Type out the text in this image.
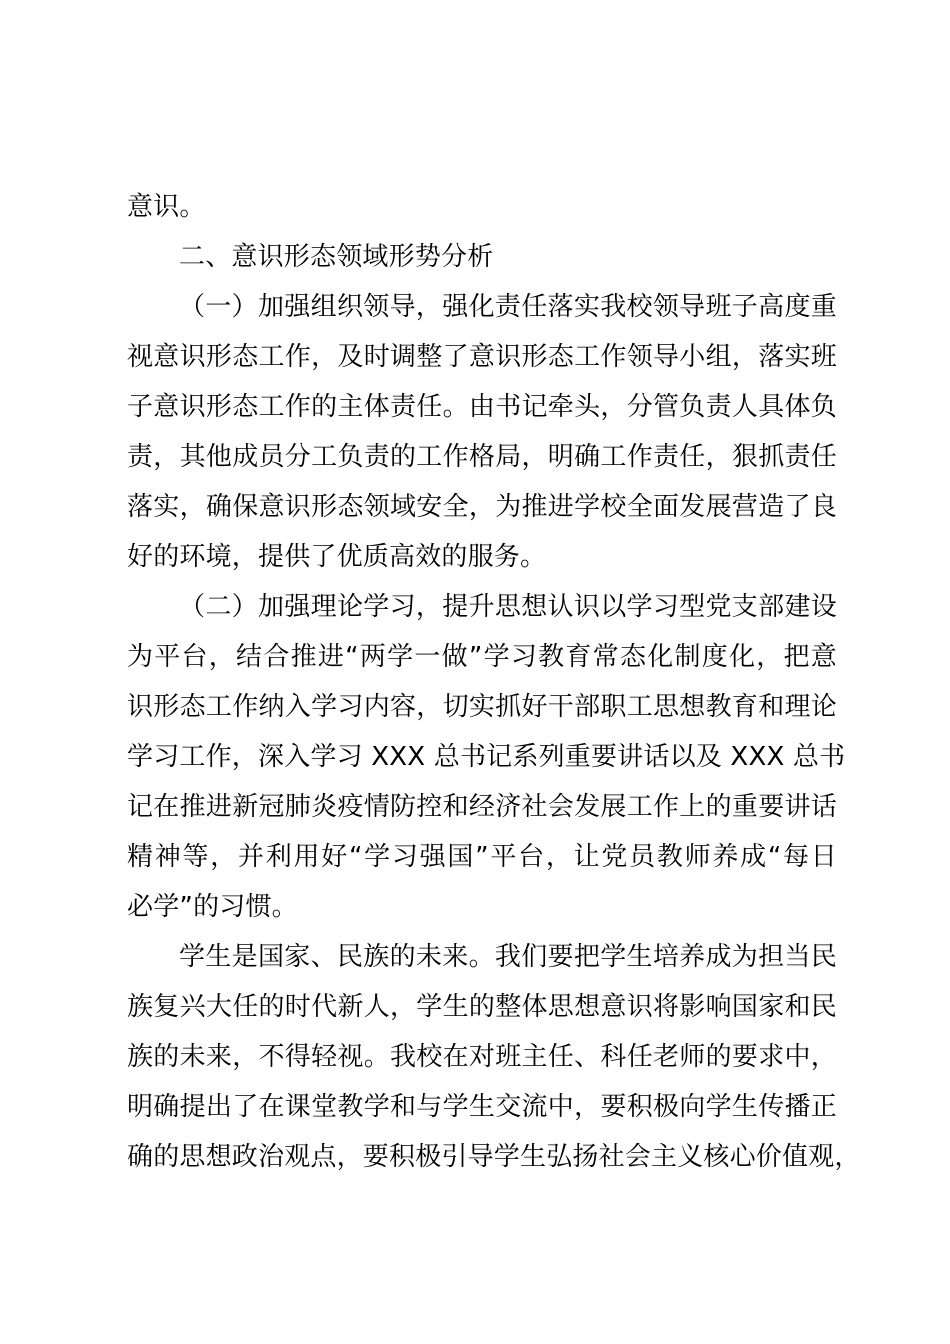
意识。
二、意识形态领域形势分析
（一）加强组织领导，强化责任落实我校领导班子高度重
视意识形态工作，及时调整了意识形态工作领导小组，落实班
子意识形态工作的主体责任。由书记牵头，分管负责人具体负
责，其他成员分工负责的工作格局，明确工作责任，狠抓责任
落实，确保意识形态领域安全，为推进学校全面发展营造了良
好的环境，提供了优质高效的服务。
（二）加强理论学习，提升思想认识以学习型党支部建设
为平台，结合推进“两学一做”学习教育常态化制度化，把意
识形态工作纳入学习内容，切实抓好干部职工思想教育和理论
学习工作，深入学习 XXX 总书记系列重要讲话以及 XXX 总书
记在推进新冠肺炎疫情防控和经济社会发展工作上的重要讲话
精神等，并利用好“学习强国”平台，让党员教师养成“每日
必学”的习惯。
学生是国家、民族的未来。我们要把学生培养成为担当民
族复兴大任的时代新人，学生的整体思想意识将影响国家和民
族的未来，不得轻视。我校在对班主任、科任老师的要求中，
明确提出了在课堂教学和与学生交流中，要积极向学生传播正
确的思想政治观点，要积极引导学生弘扬社会主义核心价值观，
